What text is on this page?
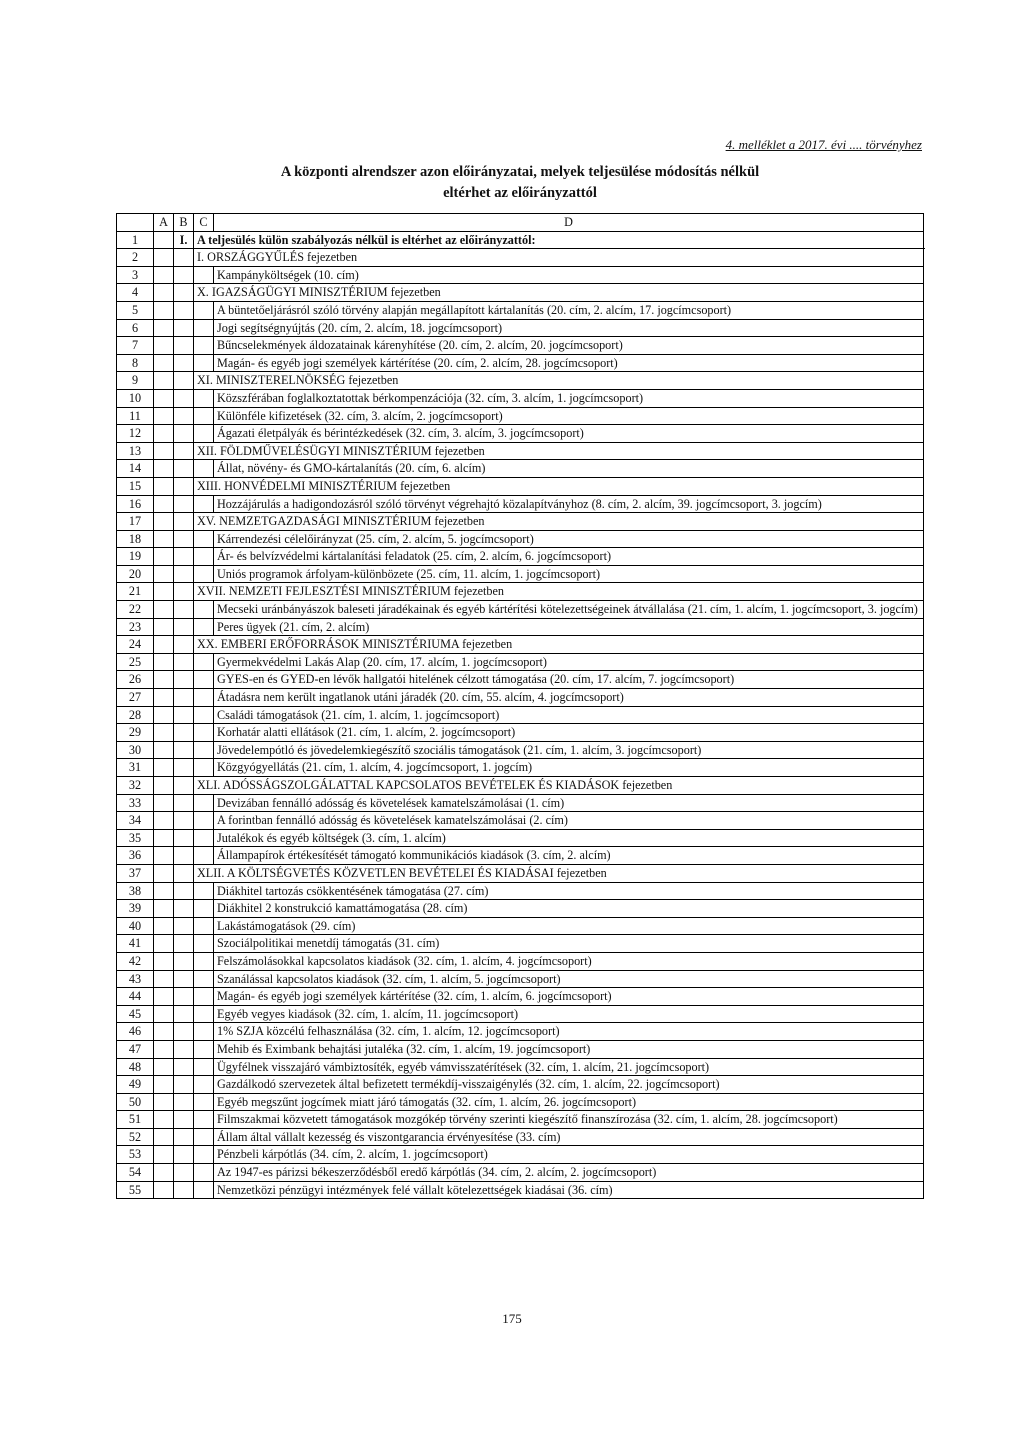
4. melléklet a 2017. évi .... törvényhez
A központi alrendszer azon előirányzatai, melyek teljesülése módosítás nélkül
eltérhet az előirányzattól
	A	B	C	D
1		I.	A teljesülés külön szabályozás nélkül is eltérhet az előirányzattól:	
2			I. ORSZÁGGYŰLÉS fejezetben	
3				Kampányköltségek (10. cím)
4			X. IGAZSÁGÜGYI MINISZTÉRIUM fejezetben	
5				A büntetőeljárásról szóló törvény alapján megállapított kártalanítás (20. cím, 2. alcím, 17. jogcímcsoport)
6				Jogi segítségnyújtás (20. cím, 2. alcím, 18. jogcímcsoport)
7				Bűncselekmények áldozatainak kárenyhítése (20. cím, 2. alcím, 20. jogcímcsoport)
8				Magán- és egyéb jogi személyek kártérítése (20. cím, 2. alcím, 28. jogcímcsoport)
9			XI. MINISZTERELNÖKSÉG fejezetben	
10				Közszférában foglalkoztatottak bérkompenzációja (32. cím, 3. alcím, 1. jogcímcsoport)
11				Különféle kifizetések (32. cím, 3. alcím, 2. jogcímcsoport)
12				Ágazati életpályák és bérintézkedések (32. cím, 3. alcím, 3. jogcímcsoport)
13			XII. FÖLDMŰVELÉSÜGYI MINISZTÉRIUM fejezetben	
14				Állat, növény- és GMO-kártalanítás (20. cím, 6. alcím)
15			XIII. HONVÉDELMI MINISZTÉRIUM fejezetben	
16				Hozzájárulás a hadigondozásról szóló törvényt végrehajtó közalapítványhoz (8. cím, 2. alcím, 39. jogcímcsoport, 3. jogcím)
17			XV. NEMZETGAZDASÁGI MINISZTÉRIUM fejezetben	
18				Kárrendezési célelőirányzat (25. cím, 2. alcím, 5. jogcímcsoport)
19				Ár- és belvízvédelmi kártalanítási feladatok (25. cím, 2. alcím, 6. jogcímcsoport)
20				Uniós programok árfolyam-különbözete (25. cím, 11. alcím, 1. jogcímcsoport)
21			XVII. NEMZETI FEJLESZTÉSI MINISZTÉRIUM fejezetben	
22				Mecseki uránbányászok baleseti járadékainak és egyéb kártérítési kötelezettségeinek átvállalása (21. cím, 1. alcím, 1. jogcímcsoport, 3. jogcím)
23				Peres ügyek (21. cím, 2. alcím)
24			XX. EMBERI ERŐFORRÁSOK MINISZTÉRIUMA fejezetben	
25				Gyermekvédelmi Lakás Alap (20. cím, 17. alcím, 1. jogcímcsoport)
26				GYES-en és GYED-en lévők hallgatói hitelének célzott támogatása (20. cím, 17. alcím, 7. jogcímcsoport)
27				Átadásra nem került ingatlanok utáni járadék (20. cím, 55. alcím, 4. jogcímcsoport)
28				Családi támogatások (21. cím, 1. alcím, 1. jogcímcsoport)
29				Korhatár alatti ellátások (21. cím, 1. alcím, 2. jogcímcsoport)
30				Jövedelempótló és jövedelemkiegészítő szociális támogatások (21. cím, 1. alcím, 3. jogcímcsoport)
31				Közgyógyellátás (21. cím, 1. alcím, 4. jogcímcsoport, 1. jogcím)
32			XLI. ADÓSSÁGSZOLGÁLATTAL KAPCSOLATOS BEVÉTELEK ÉS KIADÁSOK fejezetben	
33				Devizában fennálló adósság és követelések kamatelszámolásai (1. cím)
34				A forintban fennálló adósság és követelések kamatelszámolásai (2. cím)
35				Jutalékok és egyéb költségek (3. cím, 1. alcím)
36				Állampapírok értékesítését támogató kommunikációs kiadások (3. cím, 2. alcím)
37			XLII. A KÖLTSÉGVETÉS KÖZVETLEN BEVÉTELEI ÉS KIADÁSAI fejezetben	
38				Diákhitel tartozás csökkentésének támogatása (27. cím)
39				Diákhitel 2 konstrukció kamattámogatása (28. cím)
40				Lakástámogatások (29. cím)
41				Szociálpolitikai menetdíj támogatás (31. cím)
42				Felszámolásokkal kapcsolatos kiadások (32. cím, 1. alcím, 4. jogcímcsoport)
43				Szanálással kapcsolatos kiadások (32. cím, 1. alcím, 5. jogcímcsoport)
44				Magán- és egyéb jogi személyek kártérítése (32. cím, 1. alcím, 6. jogcímcsoport)
45				Egyéb vegyes kiadások (32. cím, 1. alcím, 11. jogcímcsoport)
46				1% SZJA közcélú felhasználása (32. cím, 1. alcím, 12. jogcímcsoport)
47				Mehib és Eximbank behajtási jutaléka (32. cím, 1. alcím, 19. jogcímcsoport)
48				Ügyfélnek visszajáró vámbiztosíték, egyéb vámvisszatérítések (32. cím, 1. alcím, 21. jogcímcsoport)
49				Gazdálkodó szervezetek által befizetett termékdíj-visszaigénylés (32. cím, 1. alcím, 22. jogcímcsoport)
50				Egyéb megszűnt jogcímek miatt járó támogatás (32. cím, 1. alcím, 26. jogcímcsoport)
51				Filmszakmai közvetett támogatások mozgókép törvény szerinti kiegészítő finanszírozása (32. cím, 1. alcím, 28. jogcímcsoport)
52				Állam által vállalt kezesség és viszontgarancia érvényesítése (33. cím)
53				Pénzbeli kárpótlás (34. cím, 2. alcím, 1. jogcímcsoport)
54				Az 1947-es párizsi békeszerződésből eredő kárpótlás (34. cím, 2. alcím, 2. jogcímcsoport)
55				Nemzetközi pénzügyi intézmények felé vállalt kötelezettségek kiadásai (36. cím)
175
